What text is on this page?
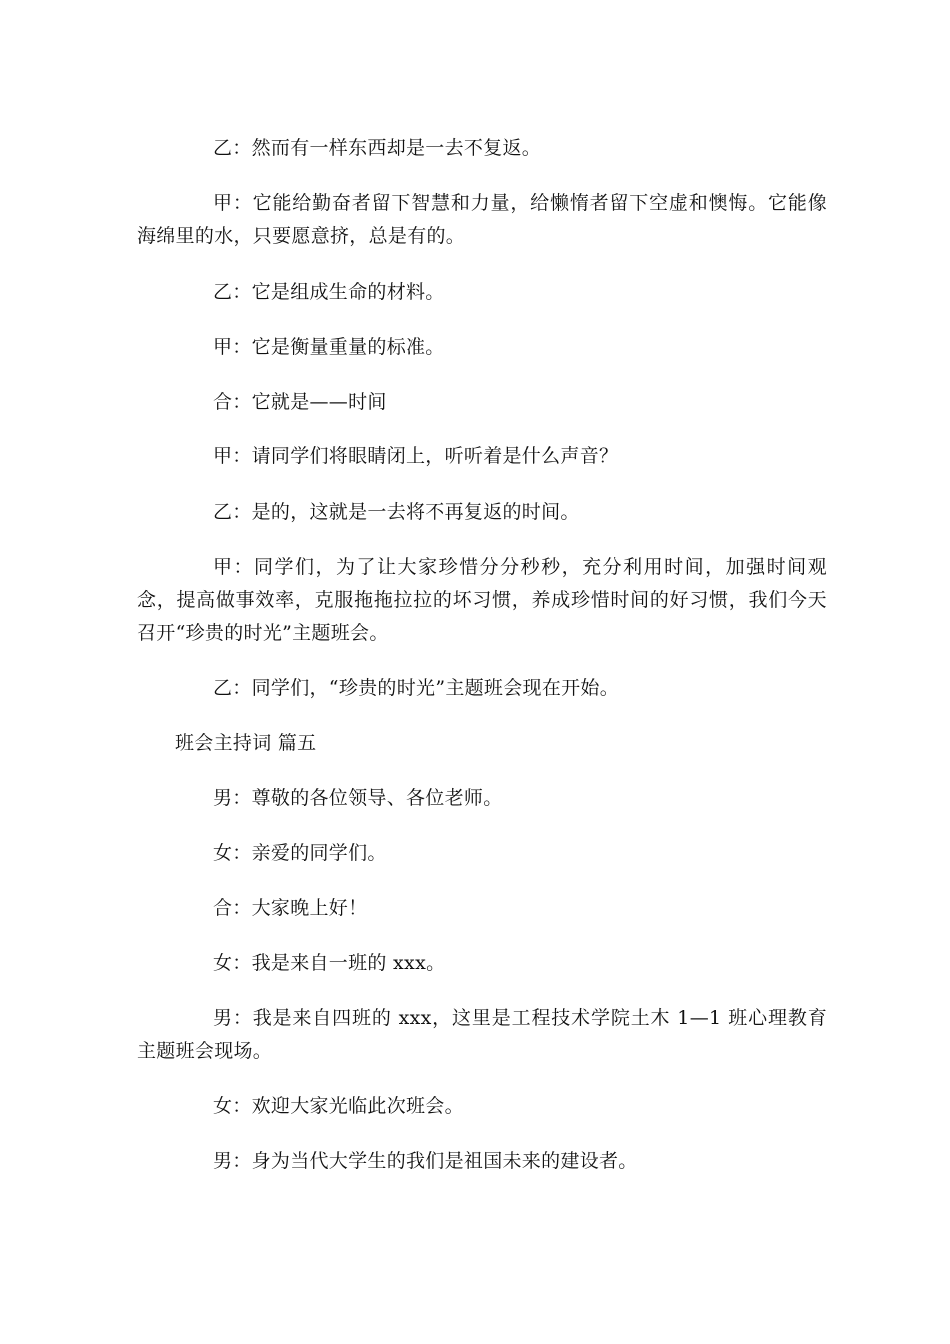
乙：然而有一样东西却是一去不复返。

甲：它能给勤奋者留下智慧和力量，给懒惰者留下空虚和懊悔。它能像海绵里的水，只要愿意挤，总是有的。

乙：它是组成生命的材料。

甲：它是衡量重量的标准。

合：它就是——时间

甲：请同学们将眼睛闭上，听听着是什么声音？

乙：是的，这就是一去将不再复返的时间。

甲：同学们，为了让大家珍惜分分秒秒，充分利用时间，加强时间观念，提高做事效率，克服拖拖拉拉的坏习惯，养成珍惜时间的好习惯，我们今天召开“珍贵的时光”主题班会。

乙：同学们，“珍贵的时光”主题班会现在开始。

班会主持词 篇五

男：尊敬的各位领导、各位老师。

女：亲爱的同学们。

合：大家晚上好！

女：我是来自一班的 xxx。

男：我是来自四班的 xxx，这里是工程技术学院土木 1—1 班心理教育主题班会现场。

女：欢迎大家光临此次班会。

男：身为当代大学生的我们是祖国未来的建设者。
